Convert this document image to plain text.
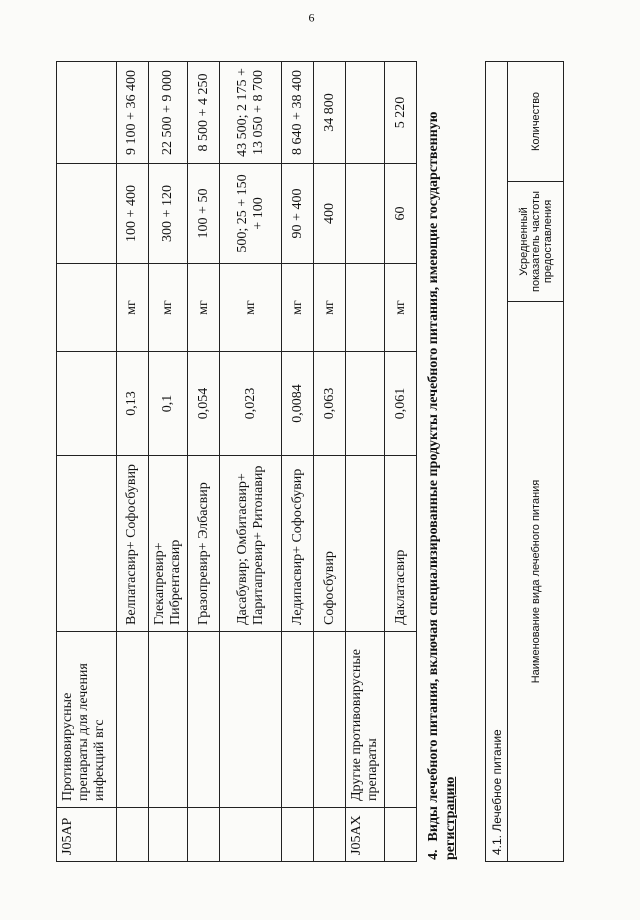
6
J05AP	Противовирусные препараты для лечения инфекций вгс					
		Велпатасвир+ Софосбувир	0,13	мг	100 + 400	9 100 + 36 400
		Глекапревир+ Пибрентасвир	0,1	мг	300 + 120	22 500 + 9 000
		Гразопревир+ Элбасвир	0,054	мг	100 + 50	8 500 + 4 250
		Дасабувир; Омбитасвир+ Паритапревир+ Ритонавир	0,023	мг	500; 25 + 150 + 100	43 500; 2 175 + 13 050 + 8 700
		Ледипасвир+ Софосбувир	0,0084	мг	90 + 400	8 640 + 38 400
		Софосбувир	0,063	мг	400	34 800
J05AX	Другие противовирусные препараты					
		Даклатасвир	0,061	мг	60	5 220
4.Виды лечебного питания, включая специализированные продукты лечебного питания, имеющие государственную регистрацию	4.1. Лечебное питание
Наименование вида лечебного питания	Усредненный показатель частоты предоставления	Количество
